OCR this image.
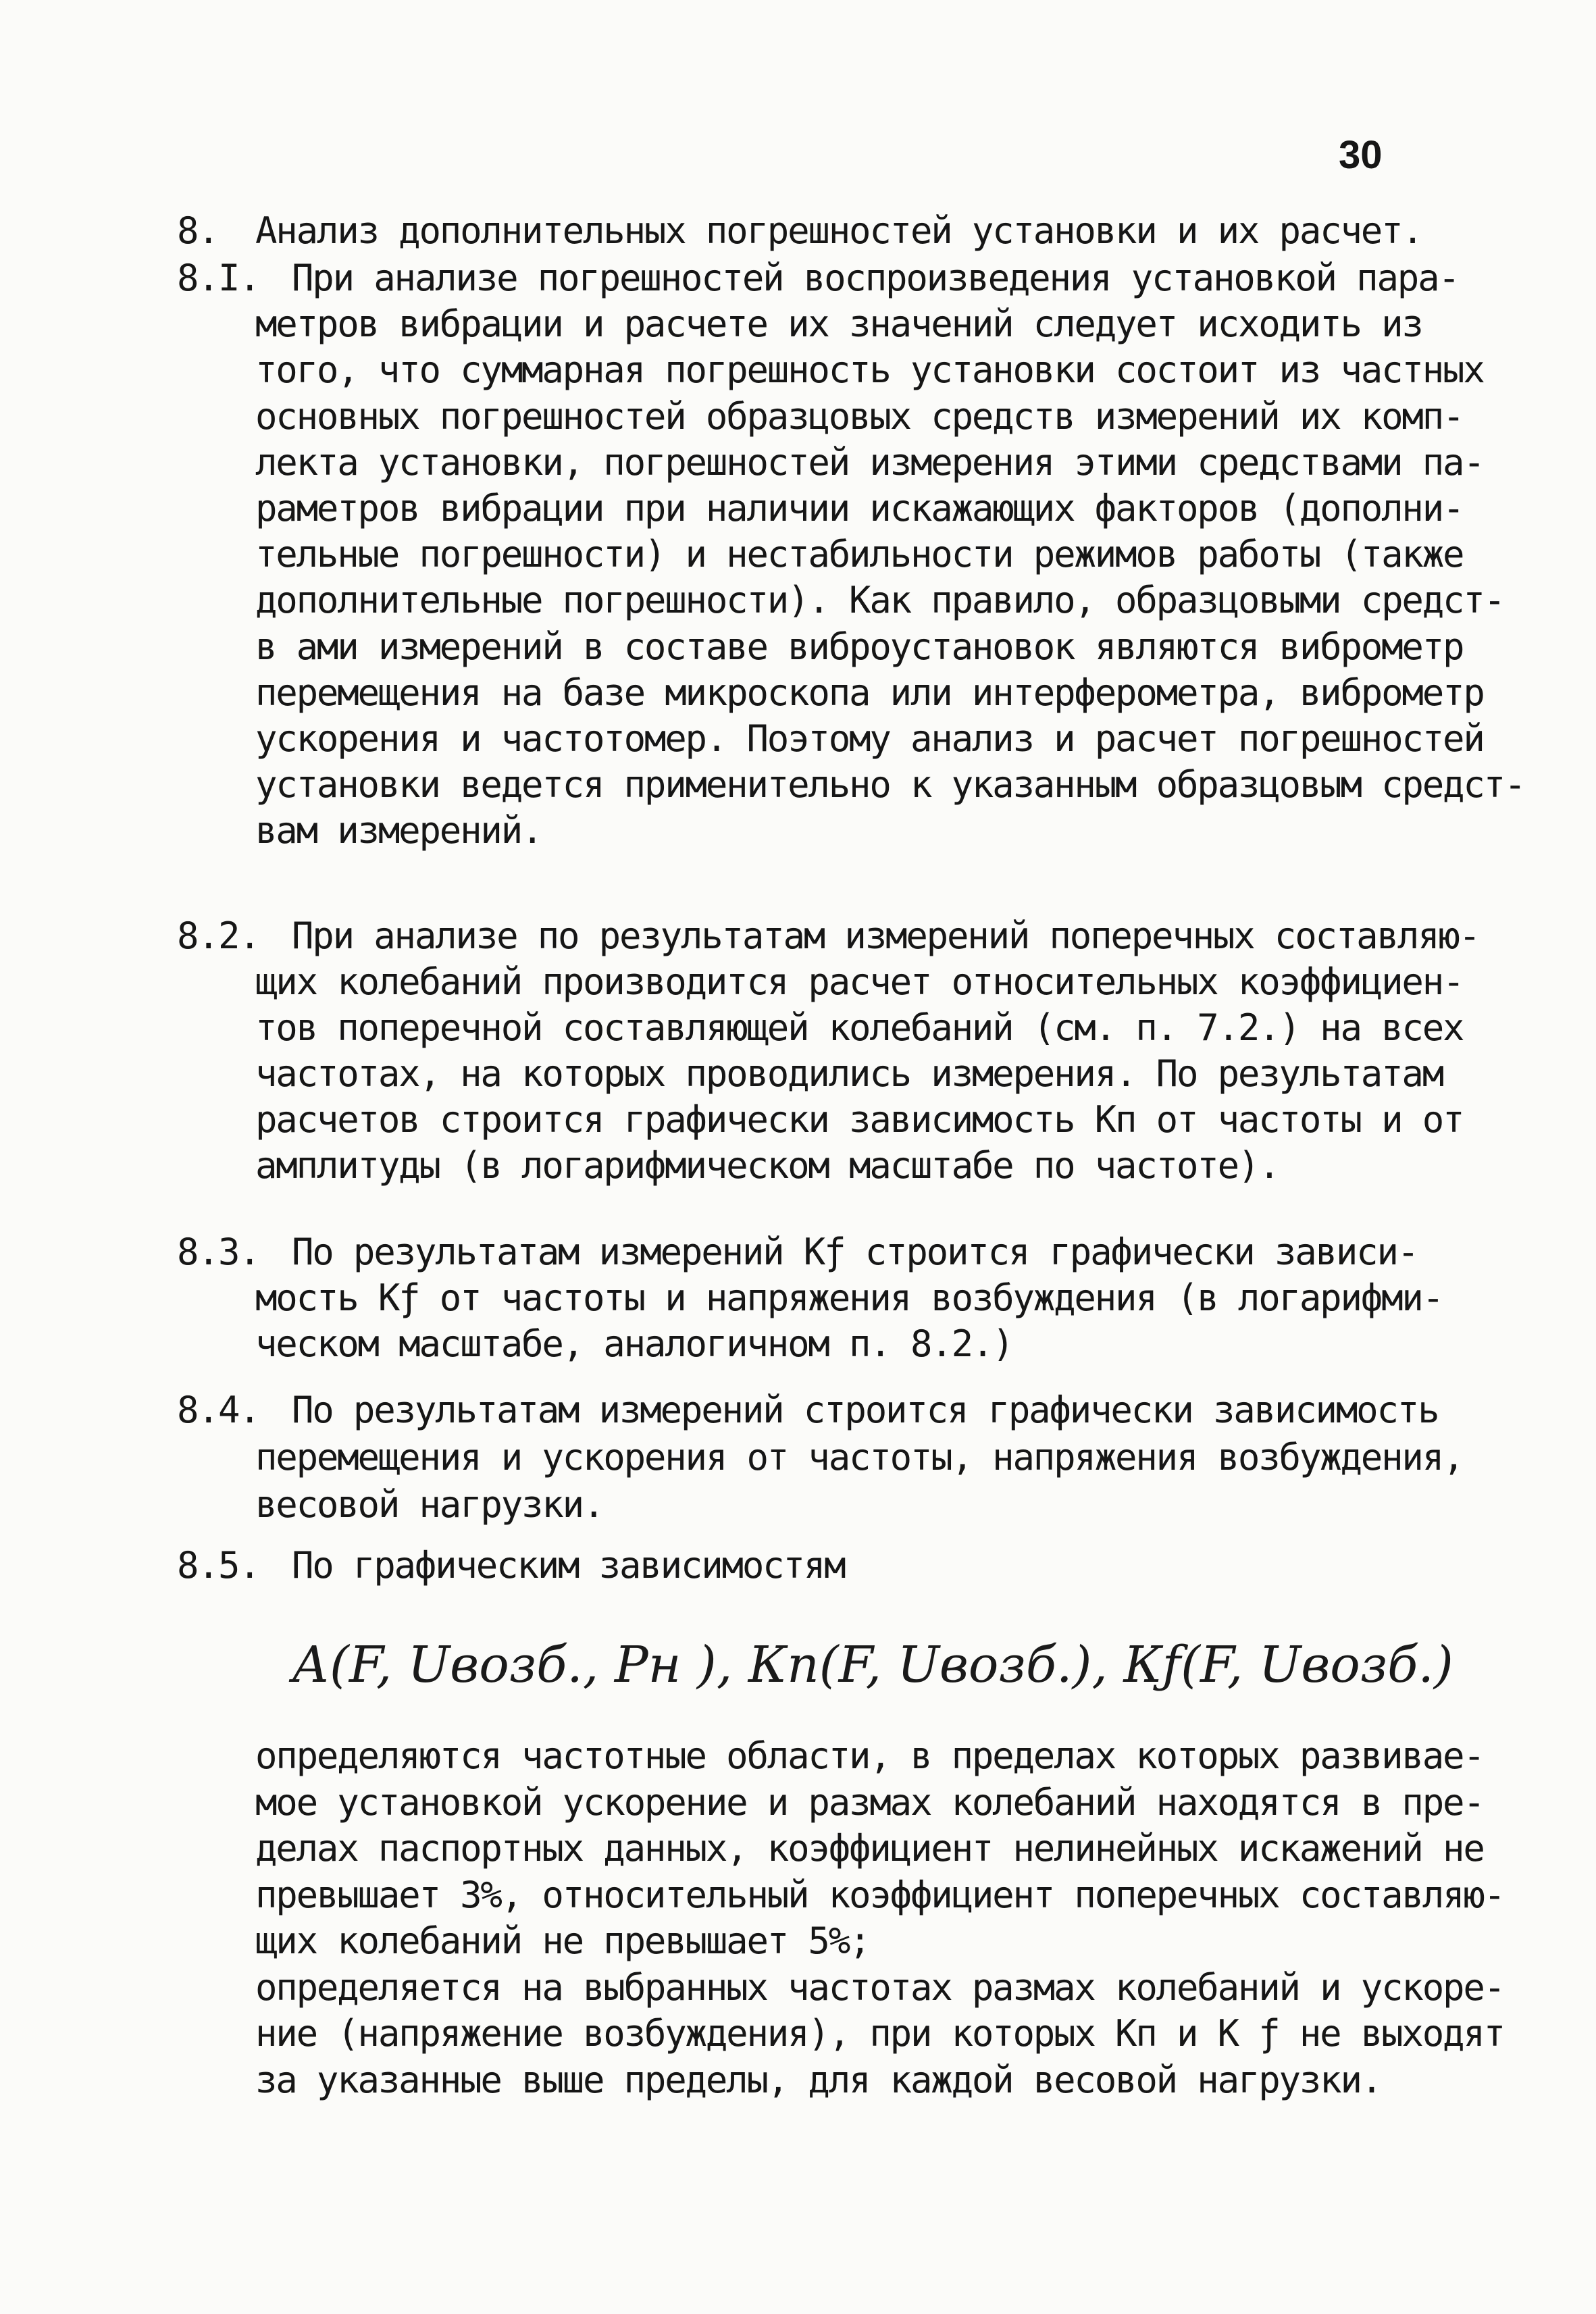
30
8. Анализ дополнительных погрешностей установки и их расчет.
8.I. При анализе погрешностей воспроизведения установкой пара-
метров вибрации и расчете их значений следует исходить из
того, что суммарная погрешность установки состоит из частных
основных погрешностей образцовых средств измерений их комп-
лекта установки, погрешностей измерения этими средствами па-
раметров вибрации при наличии искажающих факторов (дополни-
тельные погрешности) и нестабильности режимов работы (также
дополнительные погрешности). Как правило, образцовыми средст-
в ами измерений в составе виброустановок являются виброметр
перемещения на базе микроскопа или интерферометра, виброметр
ускорения и частотомер. Поэтому анализ и расчет погрешностей
установки ведется применительно к указанным образцовым средст-
вам измерений.
8.2. При анализе по результатам измерений поперечных составляю-
щих колебаний производится расчет относительных коэффициен-
тов поперечной составляющей колебаний (см. п. 7.2.) на всех
частотах, на которых проводились измерения. По результатам
расчетов строится графически зависимость Кп от частоты и от
амплитуды (в логарифмическом масштабе по частоте).
8.3. По результатам измерений Кƒ строится графически зависи-
мость Кƒ от частоты и напряжения возбуждения (в логарифми-
ческом масштабе, аналогичном п. 8.2.)
8.4. По результатам измерений строится графически зависимость
перемещения и ускорения от частоты, напряжения возбуждения,
весовой нагрузки.
8.5. По графическим зависимостям
А(F, Uвозб., Pн ), Кп(F, Uвозб.), Кƒ(F, Uвозб.)
определяются частотные области, в пределах которых развивае-
мое установкой ускорение и размах колебаний находятся в пре-
делах паспортных данных, коэффициент нелинейных искажений не
превышает 3%, относительный коэффициент поперечных составляю-
щих колебаний не превышает 5%;
определяется на выбранных частотах размах колебаний и ускоре-
ние (напряжение возбуждения), при которых Кп и К ƒ не выходят
за указанные выше пределы, для каждой весовой нагрузки.
